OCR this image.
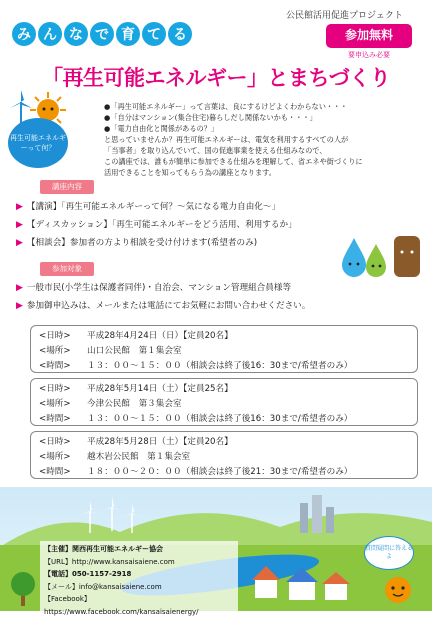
公民館活用促進プロジェクト
み ん な で 育 て る	参加無料
要申込み必要
「再生可能エネルギー」とまちづくり
再生可能エネルギーって何？
●「再生可能エネルギー」って言葉は、良にするけどよくわからない・・・
●「自分はマンション(集合住宅)暮らしだし関係ないかも・・・」
●「電力自由化と関係があるの？」
と思っていませんか？再生可能エネルギーは、電気を利用するすべての人が
「当事者」を取り込んでいて、国の促進事業を使える仕組みなので、
この講座では、誰もが簡単に参加できる仕組みを理解して、省エネや街づくりに
活用できることを知ってもらう為の講座となります。
講座内容
▶ 【講演】「再生可能エネルギーって何？～気になる電力自由化～」
▶ 【ディスカッション】「再生可能エネルギーをどう活用、利用するか」
▶ 【相談会】参加者の方より相談を受け付けます(希望者のみ)
参加対象
▶ 一般市民(小学生は保護者同伴)・自治会、マンション管理組合員様等
▶ 参加御申込みは、メールまたは電話にてお気軽にお問い合わせください。
<日時> 平成28年4月24日（日）【定員20名】
<場所> 山口公民館　第１集会室
<時間> １３：００～１５：００（相談会は終了後16：30まで/希望者のみ）
<日時> 平成28年5月14日（土）【定員25名】
<場所> 今津公民館　第３集会室
<時間> １３：００～１５：００（相談会は終了後16：30まで/希望者のみ）
<日時> 平成28年5月28日（土）【定員20名】
<場所> 越木岩公民館　第１集会室
<時間> １８：００～２０：００（相談会は終了後21：30まで/希望者のみ）
【主催】関西再生可能エネルギー協会
【URL】http://www.kansaisaiene.com
【電話】050-1157-2918
【メール】info@kansaisaiene.com
【Facebook】https://www.facebook.com/kansaisaienergy/
質問疑問に答えるよ
